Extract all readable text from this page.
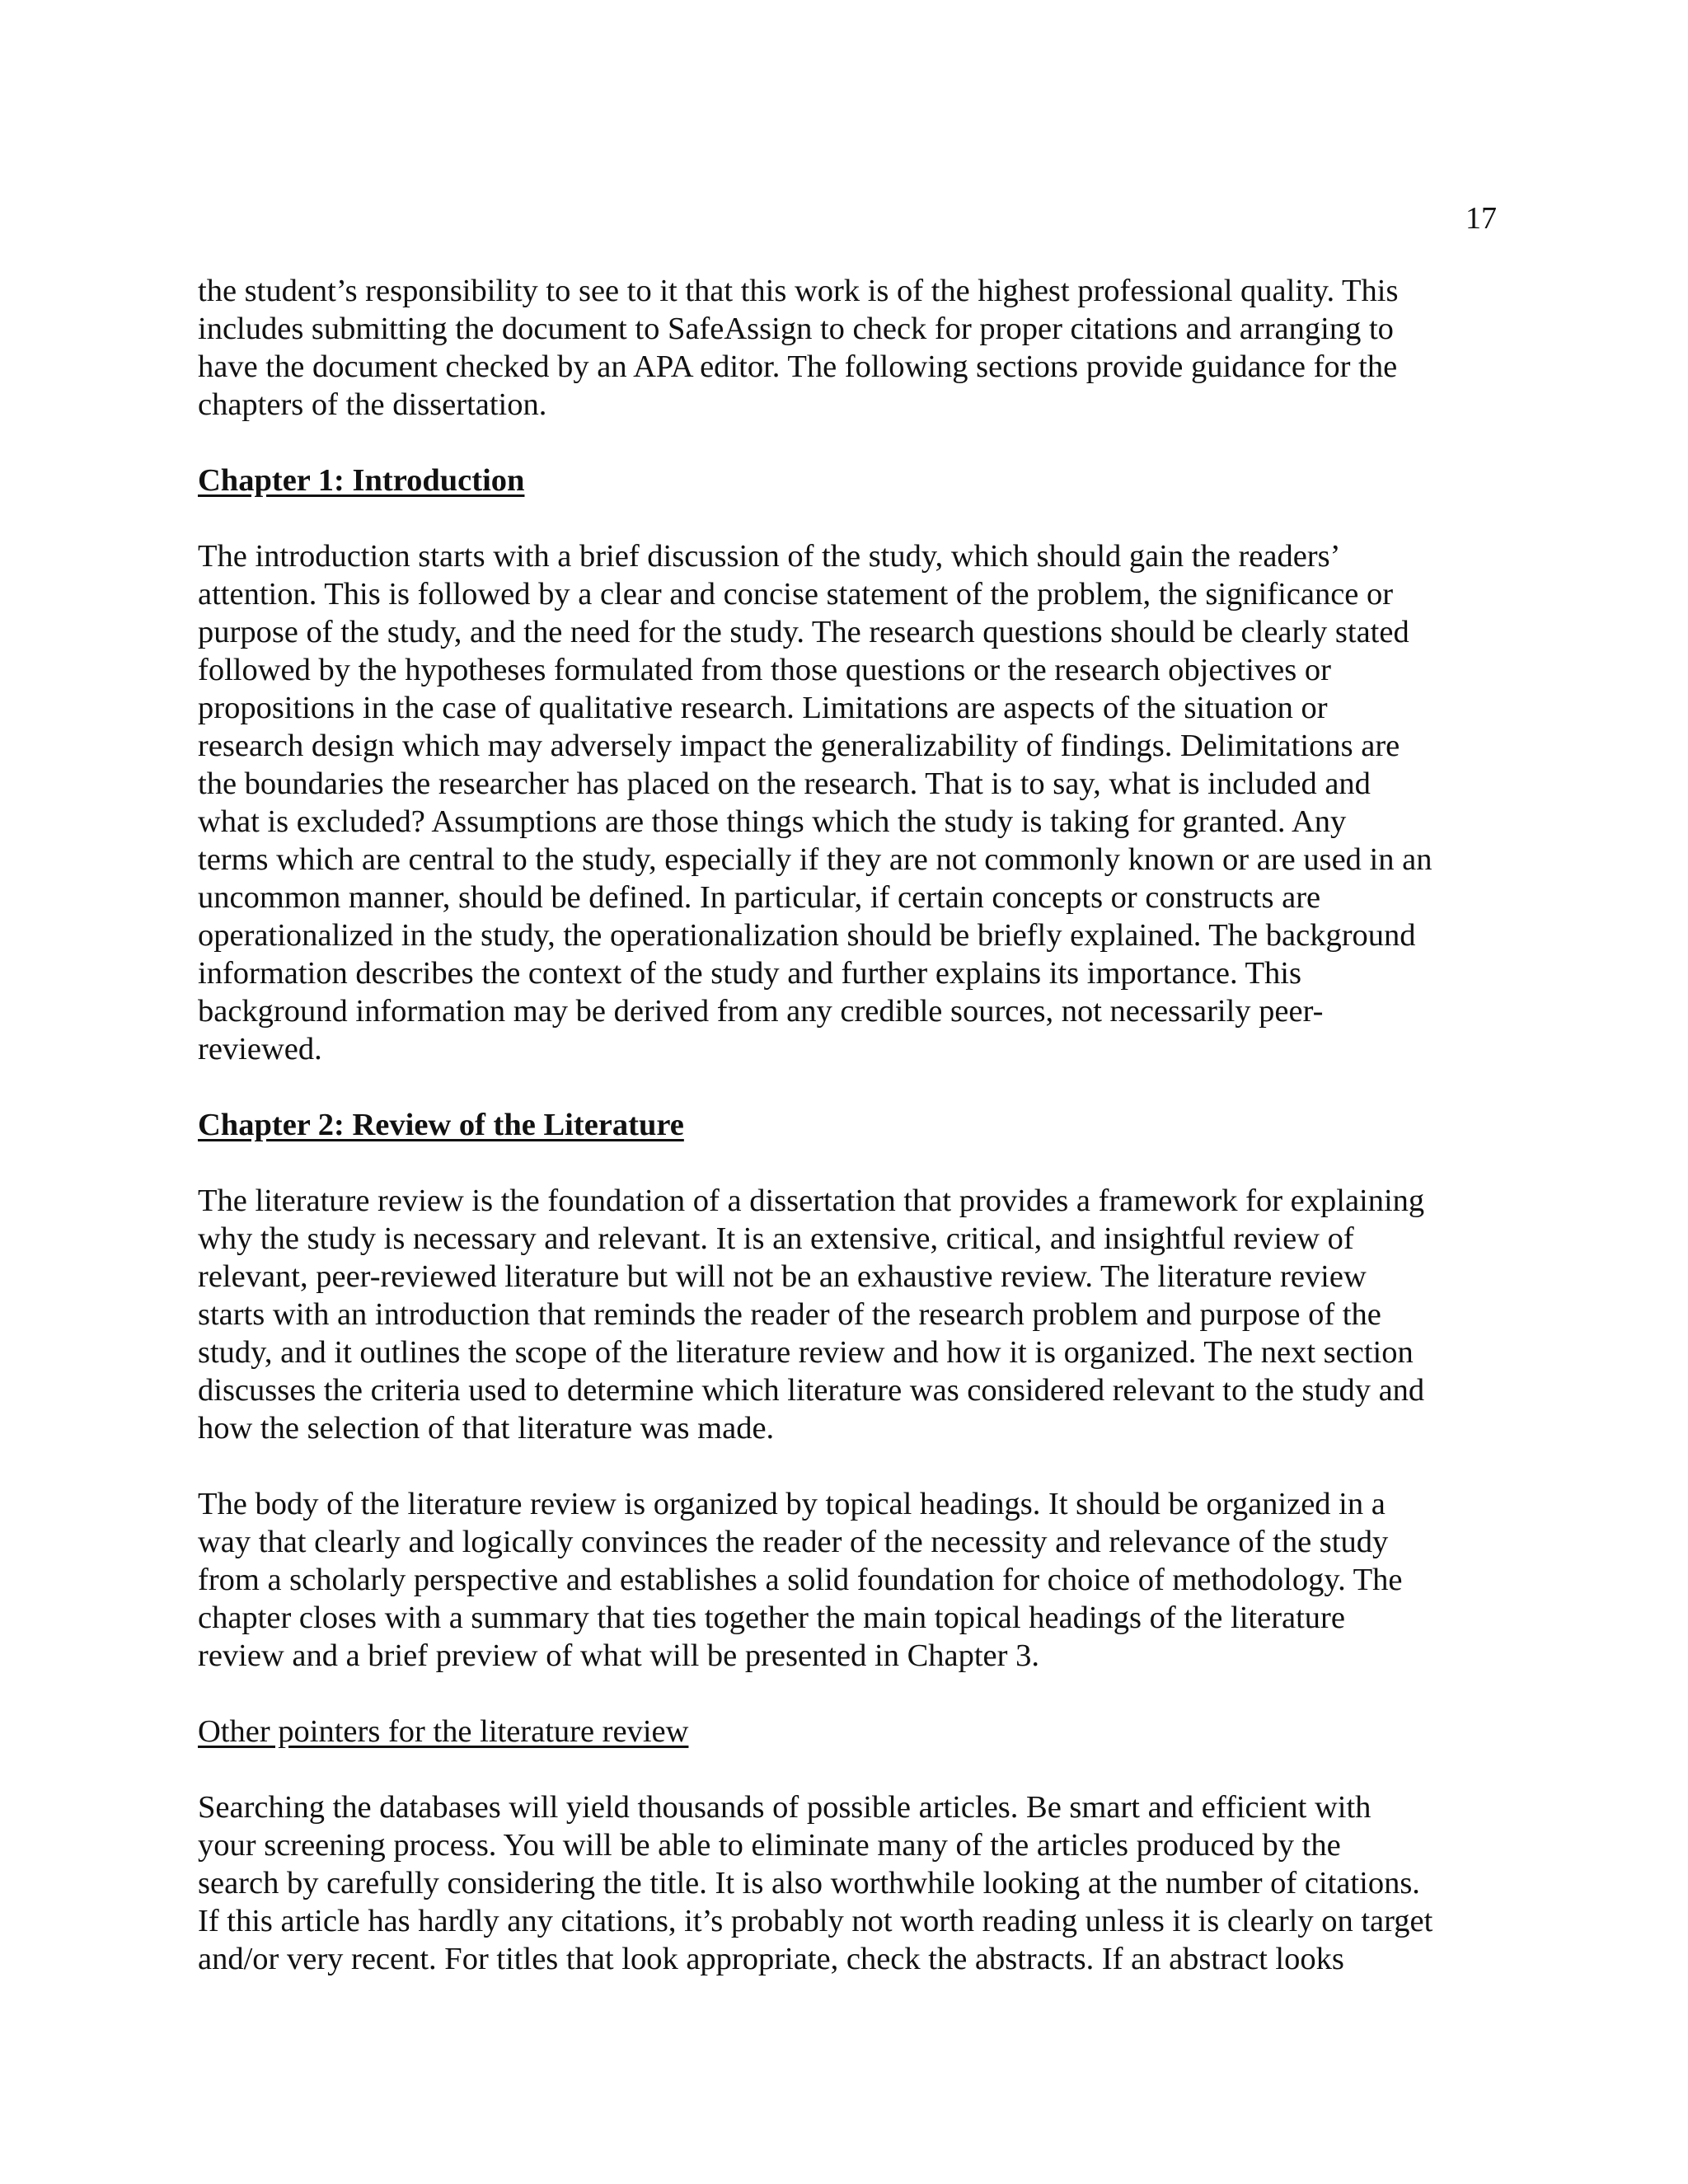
17
the student’s responsibility to see to it that this work is of the highest professional quality. This
includes submitting the document to SafeAssign to check for proper citations and arranging to
have the document checked by an APA editor. The following sections provide guidance for the
chapters of the dissertation.
Chapter 1: Introduction
The introduction starts with a brief discussion of the study, which should gain the readers’
attention. This is followed by a clear and concise statement of the problem, the significance or
purpose of the study, and the need for the study. The research questions should be clearly stated
followed by the hypotheses formulated from those questions or the research objectives or
propositions in the case of qualitative research. Limitations are aspects of the situation or
research design which may adversely impact the generalizability of findings. Delimitations are
the boundaries the researcher has placed on the research. That is to say, what is included and
what is excluded? Assumptions are those things which the study is taking for granted. Any
terms which are central to the study, especially if they are not commonly known or are used in an
uncommon manner, should be defined. In particular, if certain concepts or constructs are
operationalized in the study, the operationalization should be briefly explained. The background
information describes the context of the study and further explains its importance. This
background information may be derived from any credible sources, not necessarily peer-
reviewed.
Chapter 2: Review of the Literature
The literature review is the foundation of a dissertation that provides a framework for explaining
why the study is necessary and relevant. It is an extensive, critical, and insightful review of
relevant, peer-reviewed literature but will not be an exhaustive review. The literature review
starts with an introduction that reminds the reader of the research problem and purpose of the
study, and it outlines the scope of the literature review and how it is organized. The next section
discusses the criteria used to determine which literature was considered relevant to the study and
how the selection of that literature was made.
The body of the literature review is organized by topical headings. It should be organized in a
way that clearly and logically convinces the reader of the necessity and relevance of the study
from a scholarly perspective and establishes a solid foundation for choice of methodology. The
chapter closes with a summary that ties together the main topical headings of the literature
review and a brief preview of what will be presented in Chapter 3.
Other pointers for the literature review
Searching the databases will yield thousands of possible articles. Be smart and efficient with
your screening process. You will be able to eliminate many of the articles produced by the
search by carefully considering the title. It is also worthwhile looking at the number of citations.
If this article has hardly any citations, it’s probably not worth reading unless it is clearly on target
and/or very recent. For titles that look appropriate, check the abstracts. If an abstract looks
